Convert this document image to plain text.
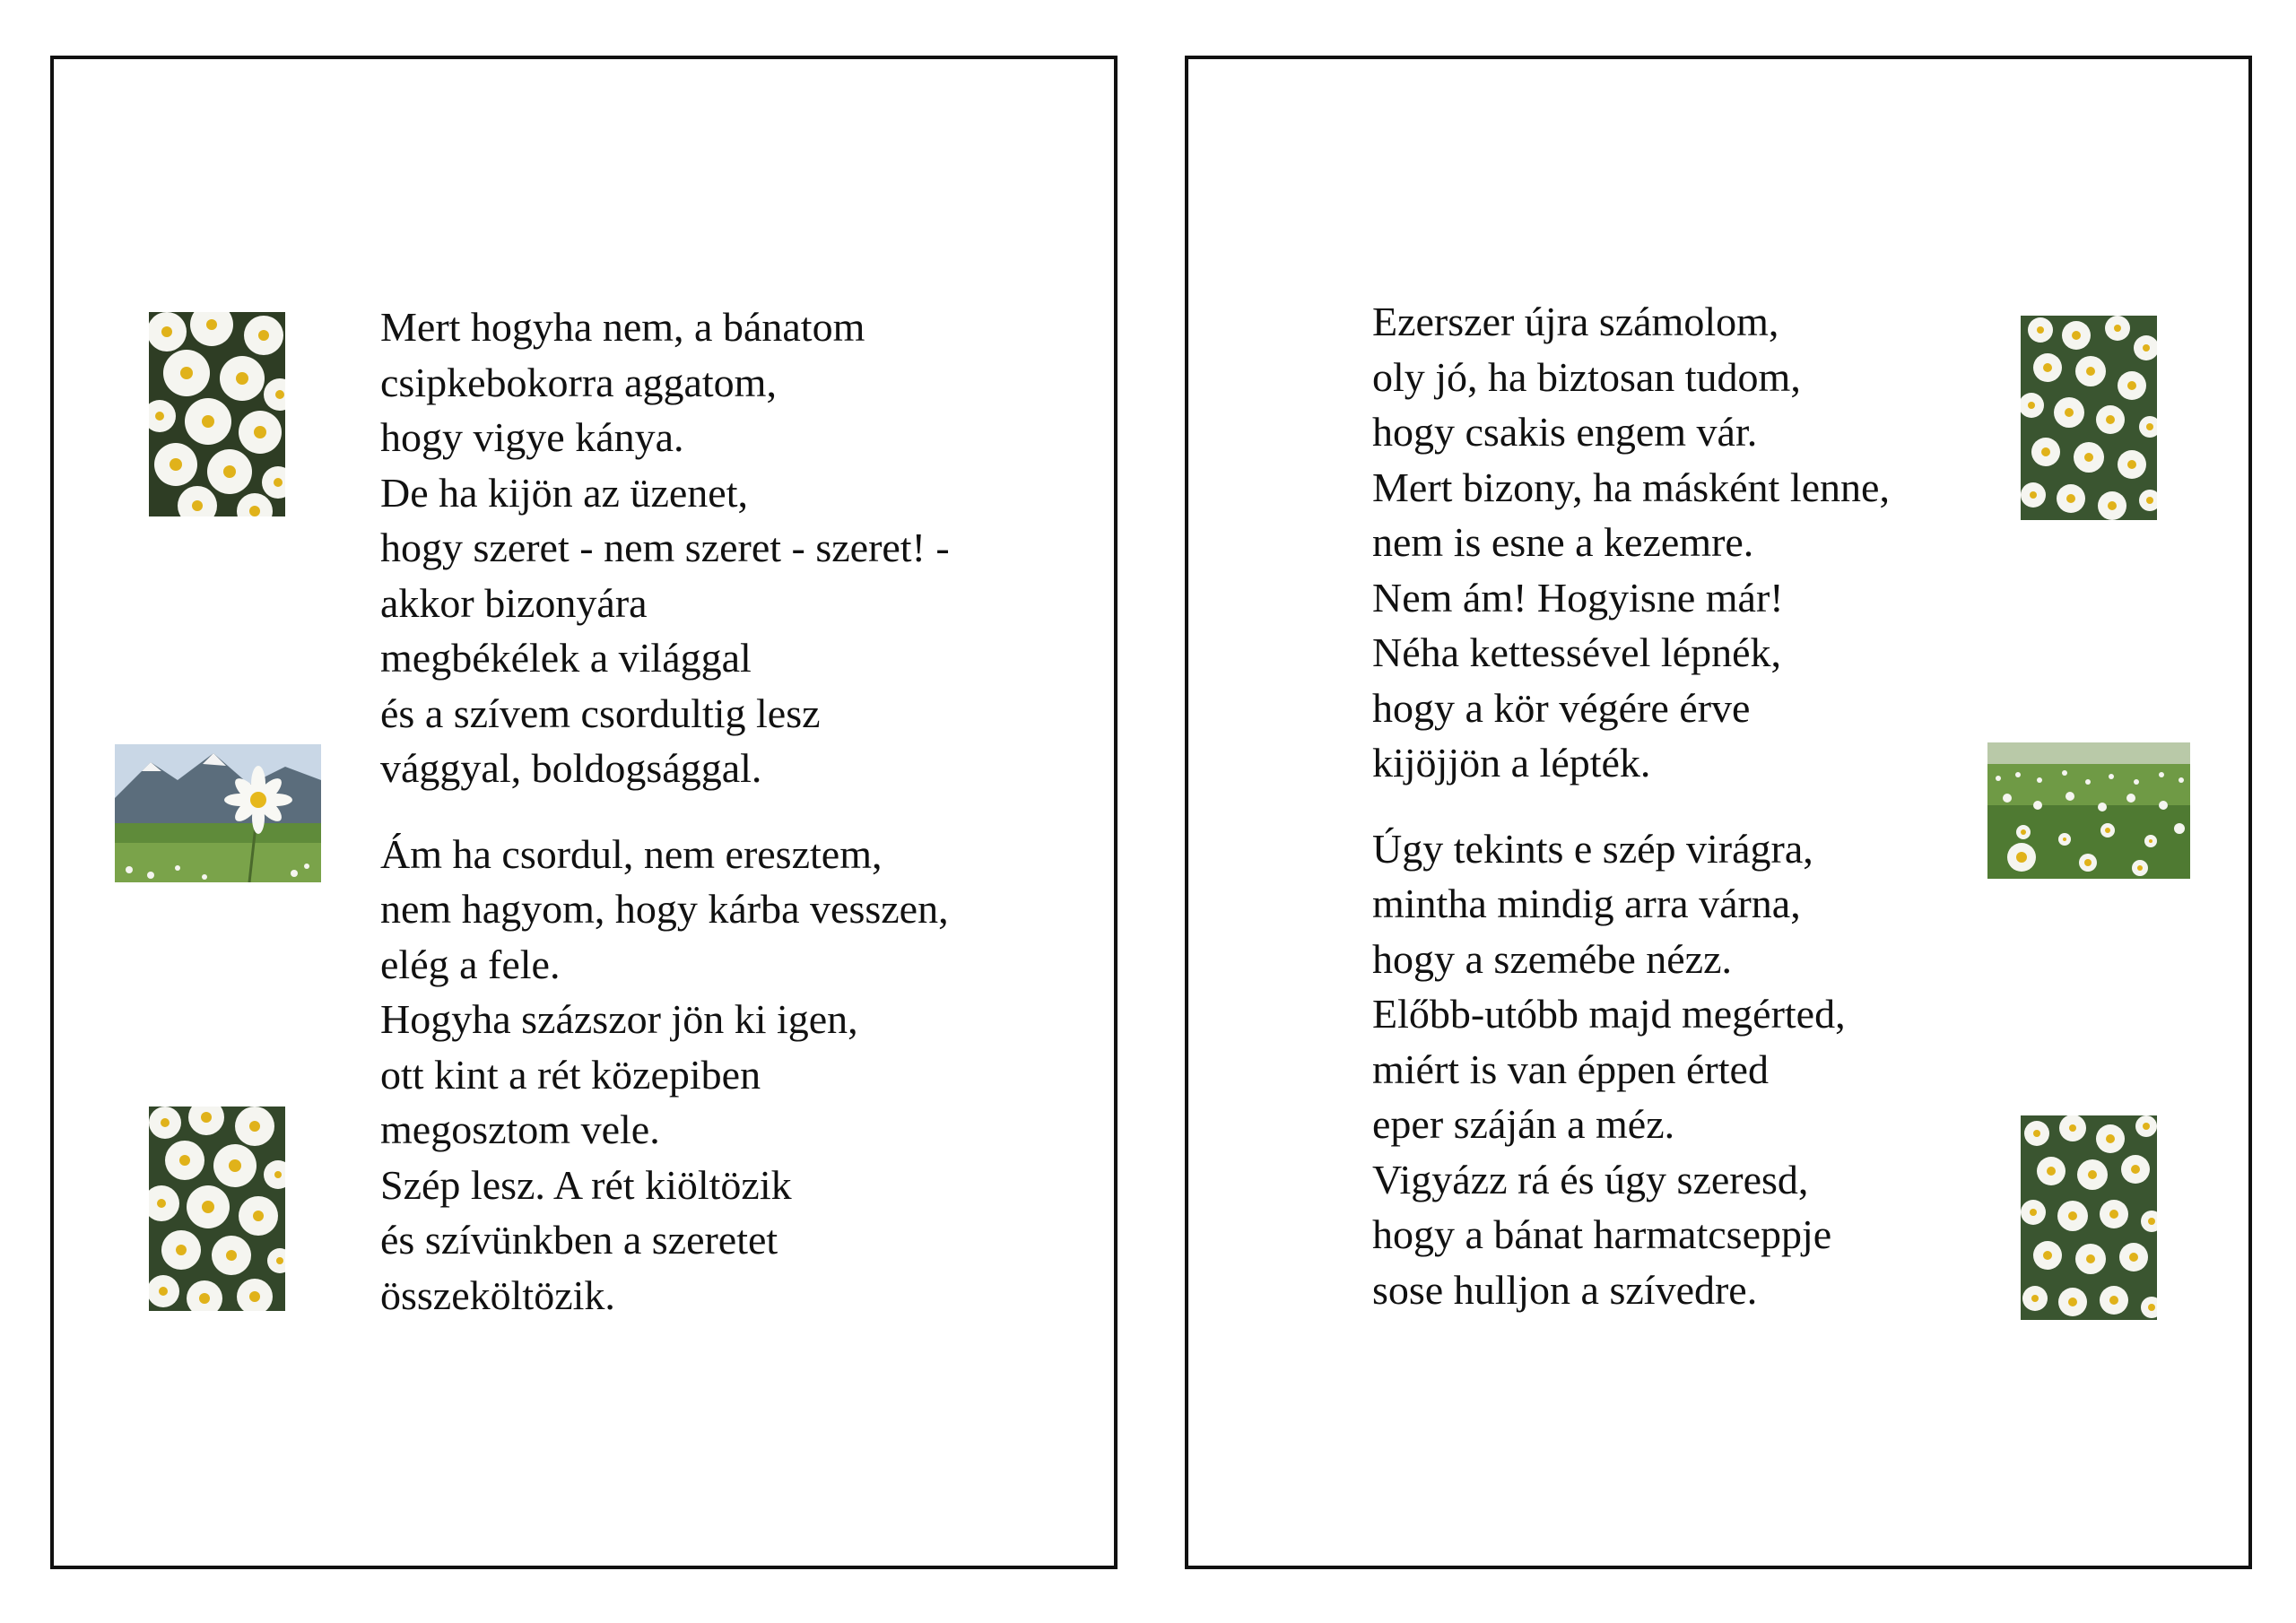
Mert hogyha nem, a bánatom
csipkebokorra aggatom,
hogy vigye kánya.
De ha kijön az üzenet,
hogy szeret - nem szeret - szeret! -
akkor bizonyára
megbékélek a világgal
és a szívem csordultig lesz
vággyal, boldogsággal.
Ám ha csordul, nem eresztem,
nem hagyom, hogy kárba vesszen,
elég a fele.
Hogyha százszor jön ki igen,
ott kint a rét közepiben
megosztom vele.
Szép lesz. A rét kiöltözik
és szívünkben a szeretet
összeköltözik.
Ezerszer újra számolom,
oly jó, ha biztosan tudom,
hogy csakis engem vár.
Mert bizony, ha másként lenne,
nem is esne a kezemre.
Nem ám! Hogyisne már!
Néha kettessével lépnék,
hogy a kör végére érve
kijöjjön a lépték.
Úgy tekints e szép virágra,
mintha mindig arra várna,
hogy a szemébe nézz.
Előbb-utóbb majd megérted,
miért is van éppen érted
eper száján a méz.
Vigyázz rá és úgy szeresd,
hogy a bánat harmatcseppje
sose hulljon a szívedre.
